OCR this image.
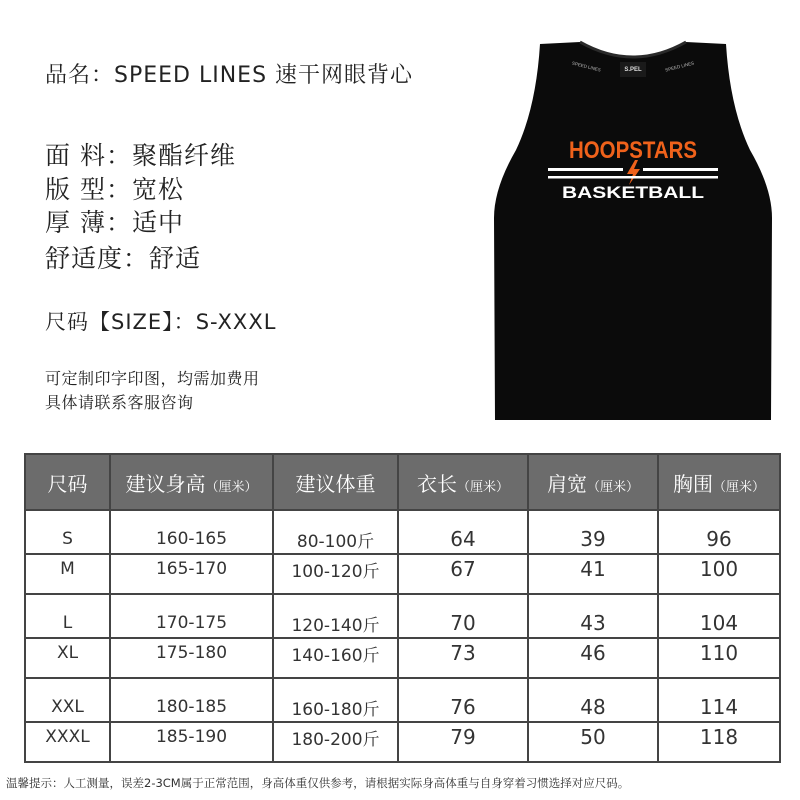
品名：SPEED LINES 速干网眼背心
面 料：聚酯纤维
版 型：宽松
厚 薄：适中
舒适度：舒适
尺码【SIZE】：S-XXXL
可定制印字印图，均需加费用
具体请联系客服咨询
SPEED LINES	SPEED LINES
S.PEL
HOOPSTARS
BASKETBALL
尺码	建议身高（厘米）	建议体重	衣长（厘米）	肩宽（厘米）	胸围（厘米）
S	160-165	80-100斤	64	39	96
M	165-170	100-120斤	67	41	100
L	170-175	120-140斤	70	43	104
XL	175-180	140-160斤	73	46	110
XXL	180-185	160-180斤	76	48	114
XXXL	185-190	180-200斤	79	50	118
温馨提示：人工测量，误差2-3CM属于正常范围，身高体重仅供参考，请根据实际身高体重与自身穿着习惯选择对应尺码。
